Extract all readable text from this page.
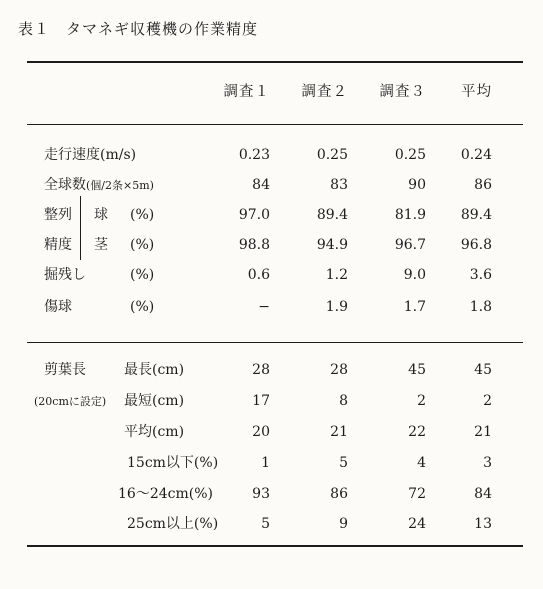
表１ タマネギ収穫機の作業精度
調査１	調査２	調査３	平均
走行速度(m/s)	0.23	0.25	0.25	0.24
全球数(個/2条×5m)	84	83	90	86
整列 球 (%)	97.0	89.4	81.9	89.4
精度 茎 (%)	98.8	94.9	96.7	96.8
掘残し	(%)	0.6	1.2	9.0	3.6
傷球	(%)	−	1.9	1.7	1.8
剪葉長
(20cmに設定)
最長(cm)	28	28	45	45
最短(cm)	17	8	2	2
平均(cm)	20	21	22	21
15cm以下(%)	1	5	4	3
16～24cm(%)	93	86	72	84
25cm以上(%)	5	9	24	13
